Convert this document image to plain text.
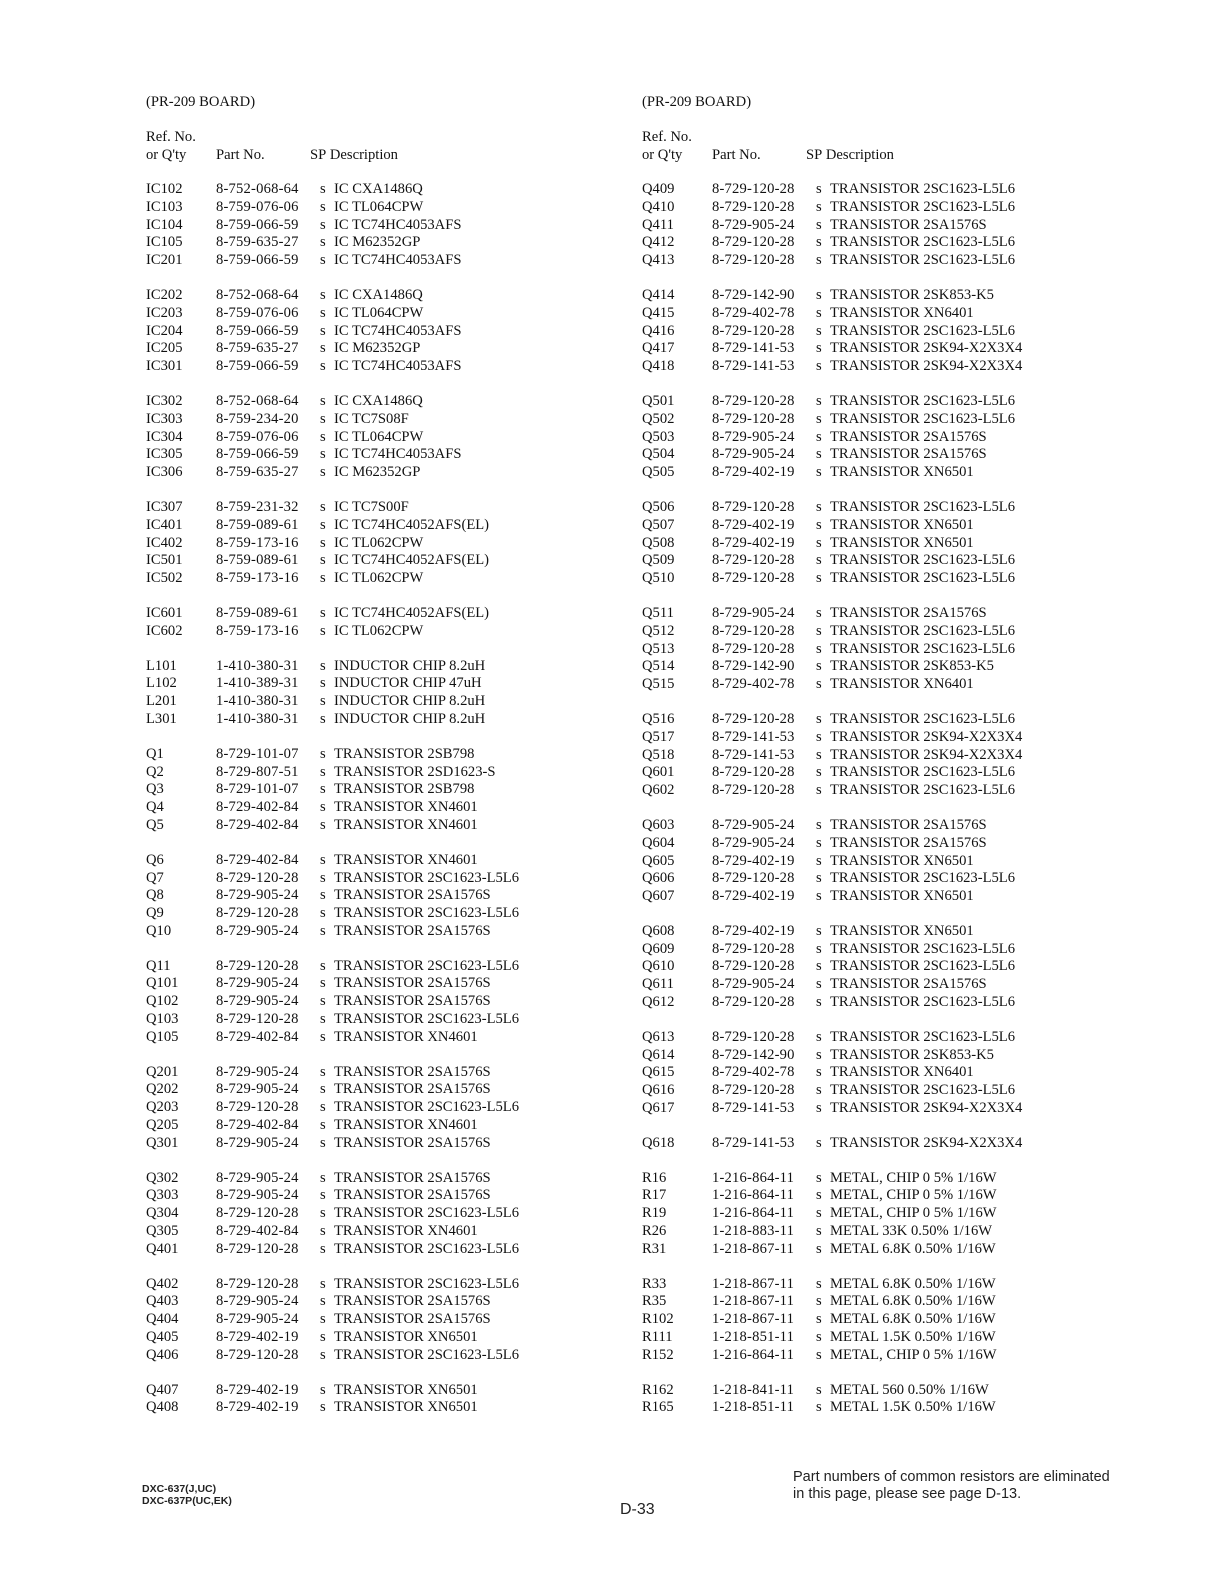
(PR-209 BOARD)
Ref. No.
or Q'ty Part No.	SP Description
IC102 8-752-068-64 s IC CXA1486Q
IC103 8-759-076-06 s IC TL064CPW
IC104 8-759-066-59 s IC TC74HC4053AFS
IC105 8-759-635-27 s IC M62352GP
IC201 8-759-066-59 s IC TC74HC4053AFS
IC202 8-752-068-64 s IC CXA1486Q
IC203 8-759-076-06 s IC TL064CPW
IC204 8-759-066-59 s IC TC74HC4053AFS
IC205 8-759-635-27 s IC M62352GP
IC301 8-759-066-59 s IC TC74HC4053AFS
IC302 8-752-068-64 s IC CXA1486Q
IC303 8-759-234-20 s IC TC7S08F
IC304 8-759-076-06 s IC TL064CPW
IC305 8-759-066-59 s IC TC74HC4053AFS
IC306 8-759-635-27 s IC M62352GP
IC307 8-759-231-32 s IC TC7S00F
IC401 8-759-089-61 s IC TC74HC4052AFS(EL)
IC402 8-759-173-16 s IC TL062CPW
IC501 8-759-089-61 s IC TC74HC4052AFS(EL)
IC502 8-759-173-16 s IC TL062CPW
IC601 8-759-089-61 s IC TC74HC4052AFS(EL)
IC602 8-759-173-16 s IC TL062CPW
L101	1-410-380-31 s INDUCTOR CHIP 8.2uH
L102	1-410-389-31 s INDUCTOR CHIP 47uH
L201	1-410-380-31 s INDUCTOR CHIP 8.2uH
L301	1-410-380-31 s INDUCTOR CHIP 8.2uH
Q1	8-729-101-07 s TRANSISTOR 2SB798
Q2	8-729-807-51 s TRANSISTOR 2SD1623-S
Q3	8-729-101-07 s TRANSISTOR 2SB798
Q4	8-729-402-84 s TRANSISTOR XN4601
Q5	8-729-402-84 s TRANSISTOR XN4601
Q6	8-729-402-84 s TRANSISTOR XN4601
Q7	8-729-120-28 s TRANSISTOR 2SC1623-L5L6
Q8	8-729-905-24 s TRANSISTOR 2SA1576S
Q9	8-729-120-28 s TRANSISTOR 2SC1623-L5L6
Q10	8-729-905-24 s TRANSISTOR 2SA1576S
Q11	8-729-120-28 s TRANSISTOR 2SC1623-L5L6
Q101	8-729-905-24 s TRANSISTOR 2SA1576S
Q102	8-729-905-24 s TRANSISTOR 2SA1576S
Q103	8-729-120-28 s TRANSISTOR 2SC1623-L5L6
Q105	8-729-402-84 s TRANSISTOR XN4601
Q201	8-729-905-24 s TRANSISTOR 2SA1576S
Q202	8-729-905-24 s TRANSISTOR 2SA1576S
Q203	8-729-120-28 s TRANSISTOR 2SC1623-L5L6
Q205	8-729-402-84 s TRANSISTOR XN4601
Q301	8-729-905-24 s TRANSISTOR 2SA1576S
Q302	8-729-905-24 s TRANSISTOR 2SA1576S
Q303	8-729-905-24 s TRANSISTOR 2SA1576S
Q304	8-729-120-28 s TRANSISTOR 2SC1623-L5L6
Q305	8-729-402-84 s TRANSISTOR XN4601
Q401	8-729-120-28 s TRANSISTOR 2SC1623-L5L6
Q402	8-729-120-28 s TRANSISTOR 2SC1623-L5L6
Q403	8-729-905-24 s TRANSISTOR 2SA1576S
Q404	8-729-905-24 s TRANSISTOR 2SA1576S
Q405	8-729-402-19 s TRANSISTOR XN6501
Q406	8-729-120-28 s TRANSISTOR 2SC1623-L5L6
Q407	8-729-402-19 s TRANSISTOR XN6501
Q408	8-729-402-19 s TRANSISTOR XN6501
(PR-209 BOARD)
Ref. No.
or Q'ty Part No.	SP Description
Q409	8-729-120-28 s TRANSISTOR 2SC1623-L5L6
Q410	8-729-120-28 s TRANSISTOR 2SC1623-L5L6
Q411	8-729-905-24 s TRANSISTOR 2SA1576S
Q412	8-729-120-28 s TRANSISTOR 2SC1623-L5L6
Q413	8-729-120-28 s TRANSISTOR 2SC1623-L5L6
Q414	8-729-142-90 s TRANSISTOR 2SK853-K5
Q415	8-729-402-78 s TRANSISTOR XN6401
Q416	8-729-120-28 s TRANSISTOR 2SC1623-L5L6
Q417	8-729-141-53 s TRANSISTOR 2SK94-X2X3X4
Q418	8-729-141-53 s TRANSISTOR 2SK94-X2X3X4
Q501	8-729-120-28 s TRANSISTOR 2SC1623-L5L6
Q502	8-729-120-28 s TRANSISTOR 2SC1623-L5L6
Q503	8-729-905-24 s TRANSISTOR 2SA1576S
Q504	8-729-905-24 s TRANSISTOR 2SA1576S
Q505	8-729-402-19 s TRANSISTOR XN6501
Q506	8-729-120-28 s TRANSISTOR 2SC1623-L5L6
Q507	8-729-402-19 s TRANSISTOR XN6501
Q508	8-729-402-19 s TRANSISTOR XN6501
Q509	8-729-120-28 s TRANSISTOR 2SC1623-L5L6
Q510	8-729-120-28 s TRANSISTOR 2SC1623-L5L6
Q511	8-729-905-24 s TRANSISTOR 2SA1576S
Q512	8-729-120-28 s TRANSISTOR 2SC1623-L5L6
Q513	8-729-120-28 s TRANSISTOR 2SC1623-L5L6
Q514	8-729-142-90 s TRANSISTOR 2SK853-K5
Q515	8-729-402-78 s TRANSISTOR XN6401
Q516	8-729-120-28 s TRANSISTOR 2SC1623-L5L6
Q517	8-729-141-53 s TRANSISTOR 2SK94-X2X3X4
Q518	8-729-141-53 s TRANSISTOR 2SK94-X2X3X4
Q601	8-729-120-28 s TRANSISTOR 2SC1623-L5L6
Q602	8-729-120-28 s TRANSISTOR 2SC1623-L5L6
Q603	8-729-905-24 s TRANSISTOR 2SA1576S
Q604	8-729-905-24 s TRANSISTOR 2SA1576S
Q605	8-729-402-19 s TRANSISTOR XN6501
Q606	8-729-120-28 s TRANSISTOR 2SC1623-L5L6
Q607	8-729-402-19 s TRANSISTOR XN6501
Q608	8-729-402-19 s TRANSISTOR XN6501
Q609	8-729-120-28 s TRANSISTOR 2SC1623-L5L6
Q610	8-729-120-28 s TRANSISTOR 2SC1623-L5L6
Q611	8-729-905-24 s TRANSISTOR 2SA1576S
Q612	8-729-120-28 s TRANSISTOR 2SC1623-L5L6
Q613	8-729-120-28 s TRANSISTOR 2SC1623-L5L6
Q614	8-729-142-90 s TRANSISTOR 2SK853-K5
Q615	8-729-402-78 s TRANSISTOR XN6401
Q616	8-729-120-28 s TRANSISTOR 2SC1623-L5L6
Q617	8-729-141-53 s TRANSISTOR 2SK94-X2X3X4
Q618	8-729-141-53 s TRANSISTOR 2SK94-X2X3X4
R16	1-216-864-11 s METAL, CHIP 0 5% 1/16W
R17	1-216-864-11 s METAL, CHIP 0 5% 1/16W
R19	1-216-864-11 s METAL, CHIP 0 5% 1/16W
R26	1-218-883-11 s METAL 33K 0.50% 1/16W
R31	1-218-867-11 s METAL 6.8K 0.50% 1/16W
R33	1-218-867-11 s METAL 6.8K 0.50% 1/16W
R35	1-218-867-11 s METAL 6.8K 0.50% 1/16W
R102	1-218-867-11 s METAL 6.8K 0.50% 1/16W
R111	1-218-851-11 s METAL 1.5K 0.50% 1/16W
R152	1-216-864-11 s METAL, CHIP 0 5% 1/16W
R162	1-218-841-11 s METAL 560 0.50% 1/16W
R165	1-218-851-11 s METAL 1.5K 0.50% 1/16W
DXC-637(J,UC)
DXC-637P(UC,EK)	D-33
Part numbers of common resistors are eliminated
in this page, please see page D-13.
